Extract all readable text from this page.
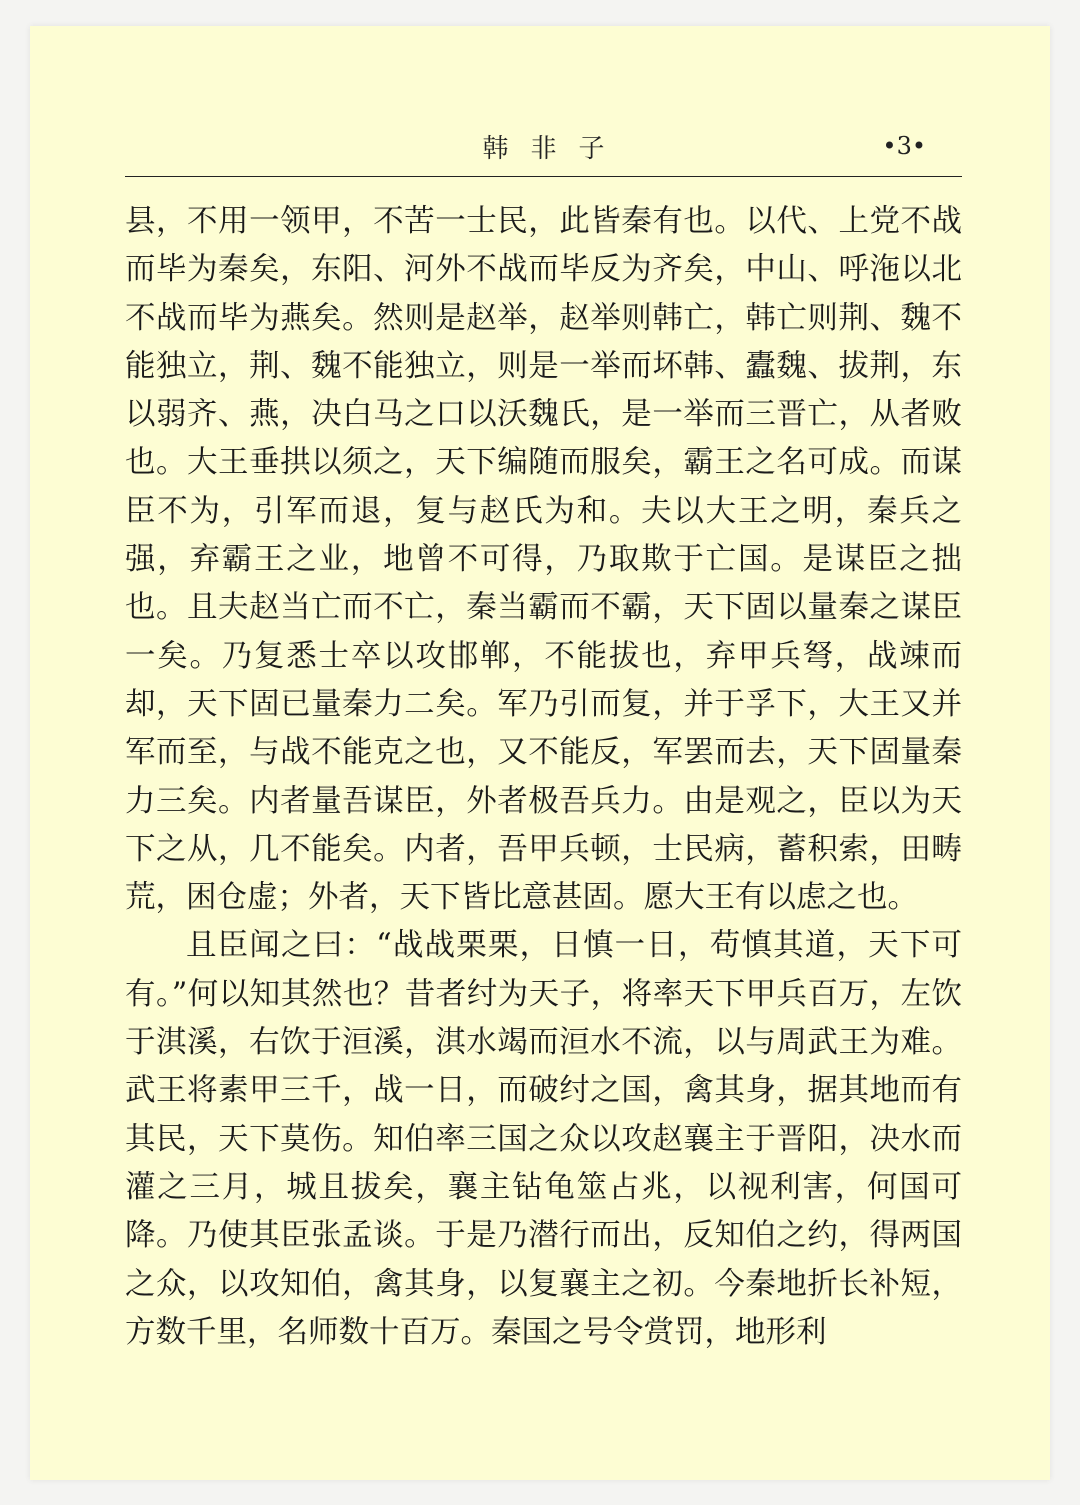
韩非子	•3•

县，不用一领甲，不苦一士民，此皆秦有也。以代、上党不战而毕为秦矣，东阳、河外不战而毕反为齐矣，中山、呼沲以北不战而毕为燕矣。然则是赵举，赵举则韩亡，韩亡则荆、魏不能独立，荆、魏不能独立，则是一举而坏韩、蠹魏、拔荆，东以弱齐、燕，决白马之口以沃魏氏，是一举而三晋亡，从者败也。大王垂拱以须之，天下编随而服矣，霸王之名可成。而谋臣不为，引军而退，复与赵氏为和。夫以大王之明，秦兵之强，弃霸王之业，地曾不可得，乃取欺于亡国。是谋臣之拙也。且夫赵当亡而不亡，秦当霸而不霸，天下固以量秦之谋臣一矣。乃复悉士卒以攻邯郸，不能拔也，弃甲兵弩，战竦而却，天下固已量秦力二矣。军乃引而复，并于孚下，大王又并军而至，与战不能克之也，又不能反，军罢而去，天下固量秦力三矣。内者量吾谋臣，外者极吾兵力。由是观之，臣以为天下之从，几不能矣。内者，吾甲兵顿，士民病，蓄积索，田畴荒，困仓虚；外者，天下皆比意甚固。愿大王有以虑之也。

且臣闻之曰：“战战栗栗，日慎一日，苟慎其道，天下可有。”何以知其然也？昔者纣为天子，将率天下甲兵百万，左饮于淇溪，右饮于洹溪，淇水竭而洹水不流，以与周武王为难。武王将素甲三千，战一日，而破纣之国，禽其身，据其地而有其民，天下莫伤。知伯率三国之众以攻赵襄主于晋阳，决水而灌之三月，城且拔矣，襄主钻龟筮占兆，以视利害，何国可降。乃使其臣张孟谈。于是乃潜行而出，反知伯之约，得两国之众，以攻知伯，禽其身，以复襄主之初。今秦地折长补短，方数千里，名师数十百万。秦国之号令赏罚，地形利
